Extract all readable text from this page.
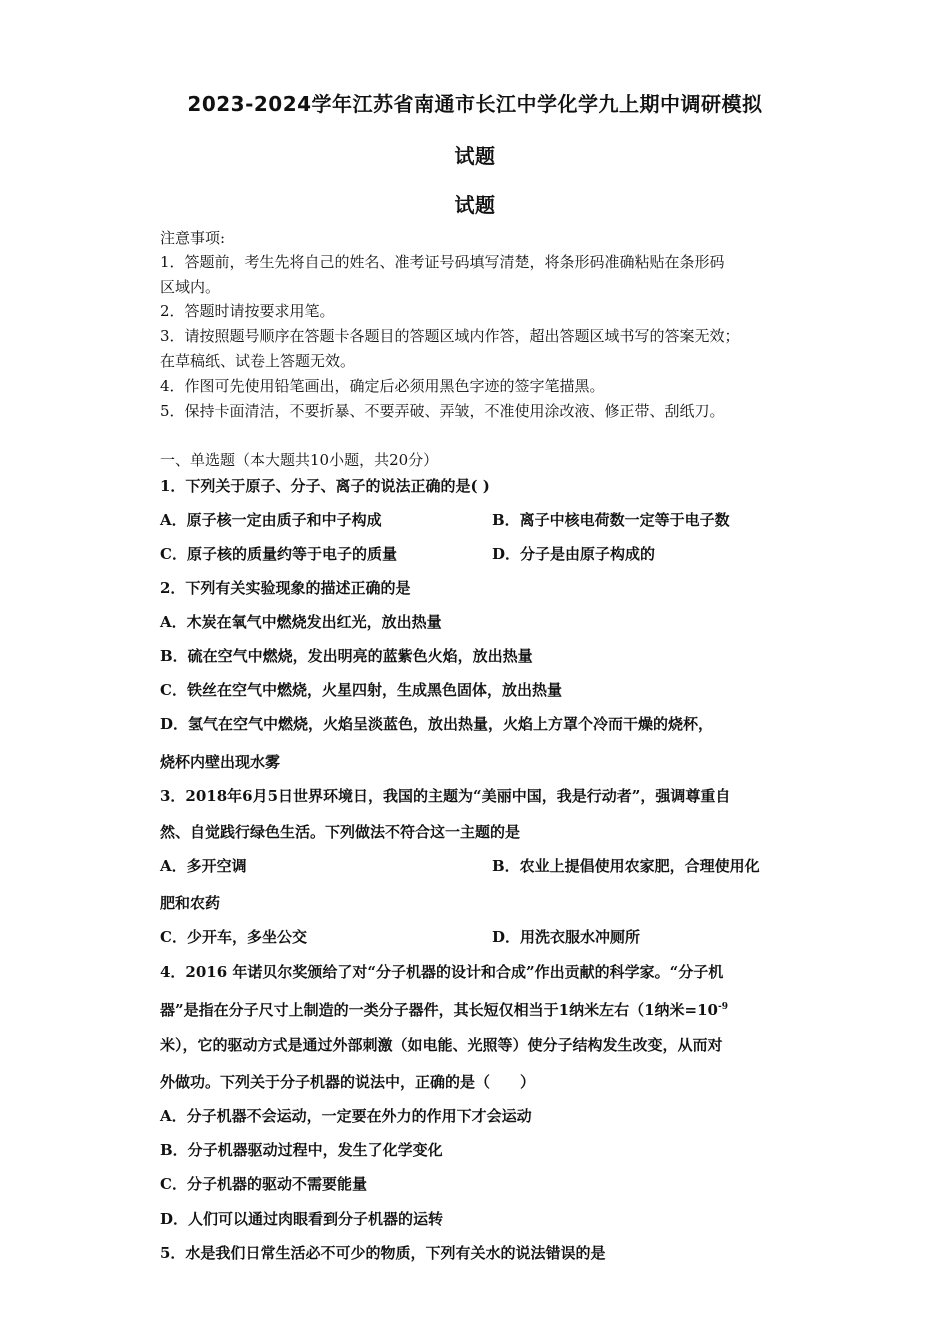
2023-2024学年江苏省南通市长江中学化学九上期中调研模拟
试题
试题
注意事项:
1．答题前，考生先将自己的姓名、准考证号码填写清楚，将条形码准确粘贴在条形码
区域内。
2．答题时请按要求用笔。
3．请按照题号顺序在答题卡各题目的答题区域内作答，超出答题区域书写的答案无效；
在草稿纸、试卷上答题无效。
4．作图可先使用铅笔画出，确定后必须用黑色字迹的签字笔描黑。
5．保持卡面清洁，不要折暴、不要弄破、弄皱，不准使用涂改液、修正带、刮纸刀。
一、单选题（本大题共10小题，共20分）
1．下列关于原子、分子、离子的说法正确的是( )
A．原子核一定由质子和中子构成	B．离子中核电荷数一定等于电子数
C．原子核的质量约等于电子的质量	D．分子是由原子构成的
2．下列有关实验现象的描述正确的是
A．木炭在氧气中燃烧发出红光，放出热量
B．硫在空气中燃烧，发出明亮的蓝紫色火焰，放出热量
C．铁丝在空气中燃烧，火星四射，生成黑色固体，放出热量
D．氢气在空气中燃烧，火焰呈淡蓝色，放出热量，火焰上方罩个冷而干燥的烧杯，
烧杯内壁出现水雾
3．2018年6月5日世界环境日，我国的主题为“美丽中国，我是行动者”，强调尊重自
然、自觉践行绿色生活。下列做法不符合这一主题的是
A．多开空调	B．农业上提倡使用农家肥，合理使用化
肥和农药
C．少开车，多坐公交	D．用洗衣服水冲厕所
4．2016 年诺贝尔奖颁给了对“分子机器的设计和合成”作出贡献的科学家。“分子机
器”是指在分子尺寸上制造的一类分子器件，其长短仅相当于1纳米左右（1纳米$=10^{-9}$
米），它的驱动方式是通过外部刺激（如电能、光照等）使分子结构发生改变，从而对
外做功。下列关于分子机器的说法中，正确的是（　　）
A．分子机器不会运动，一定要在外力的作用下才会运动
B．分子机器驱动过程中，发生了化学变化
C．分子机器的驱动不需要能量
D．人们可以通过肉眼看到分子机器的运转
5．水是我们日常生活必不可少的物质，下列有关水的说法错误的是
